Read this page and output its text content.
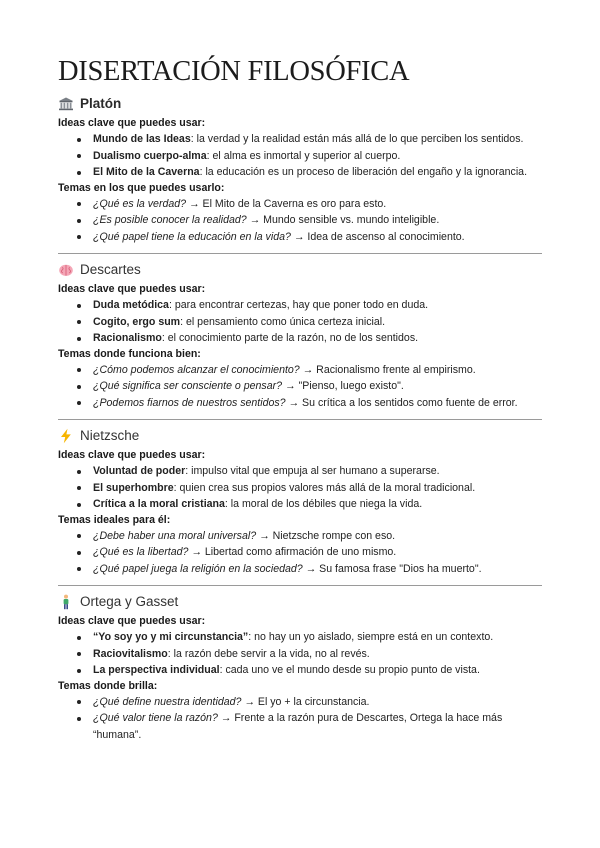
DISERTACIÓN FILOSÓFICA
Platón
Ideas clave que puedes usar:
Mundo de las Ideas: la verdad y la realidad están más allá de lo que perciben los sentidos.
Dualismo cuerpo-alma: el alma es inmortal y superior al cuerpo.
El Mito de la Caverna: la educación es un proceso de liberación del engaño y la ignorancia.
Temas en los que puedes usarlo:
¿Qué es la verdad? → El Mito de la Caverna es oro para esto.
¿Es posible conocer la realidad? → Mundo sensible vs. mundo inteligible.
¿Qué papel tiene la educación en la vida? → Idea de ascenso al conocimiento.
Descartes
Ideas clave que puedes usar:
Duda metódica: para encontrar certezas, hay que poner todo en duda.
Cogito, ergo sum: el pensamiento como única certeza inicial.
Racionalismo: el conocimiento parte de la razón, no de los sentidos.
Temas donde funciona bien:
¿Cómo podemos alcanzar el conocimiento? → Racionalismo frente al empirismo.
¿Qué significa ser consciente o pensar? → "Pienso, luego existo".
¿Podemos fiarnos de nuestros sentidos? → Su crítica a los sentidos como fuente de error.
Nietzsche
Ideas clave que puedes usar:
Voluntad de poder: impulso vital que empuja al ser humano a superarse.
El superhombre: quien crea sus propios valores más allá de la moral tradicional.
Crítica a la moral cristiana: la moral de los débiles que niega la vida.
Temas ideales para él:
¿Debe haber una moral universal? → Nietzsche rompe con eso.
¿Qué es la libertad? → Libertad como afirmación de uno mismo.
¿Qué papel juega la religión en la sociedad? → Su famosa frase "Dios ha muerto".
Ortega y Gasset
Ideas clave que puedes usar:
“Yo soy yo y mi circunstancia”: no hay un yo aislado, siempre está en un contexto.
Raciovitalismo: la razón debe servir a la vida, no al revés.
La perspectiva individual: cada uno ve el mundo desde su propio punto de vista.
Temas donde brilla:
¿Qué define nuestra identidad? → El yo + la circunstancia.
¿Qué valor tiene la razón? → Frente a la razón pura de Descartes, Ortega la hace más “humana”.
